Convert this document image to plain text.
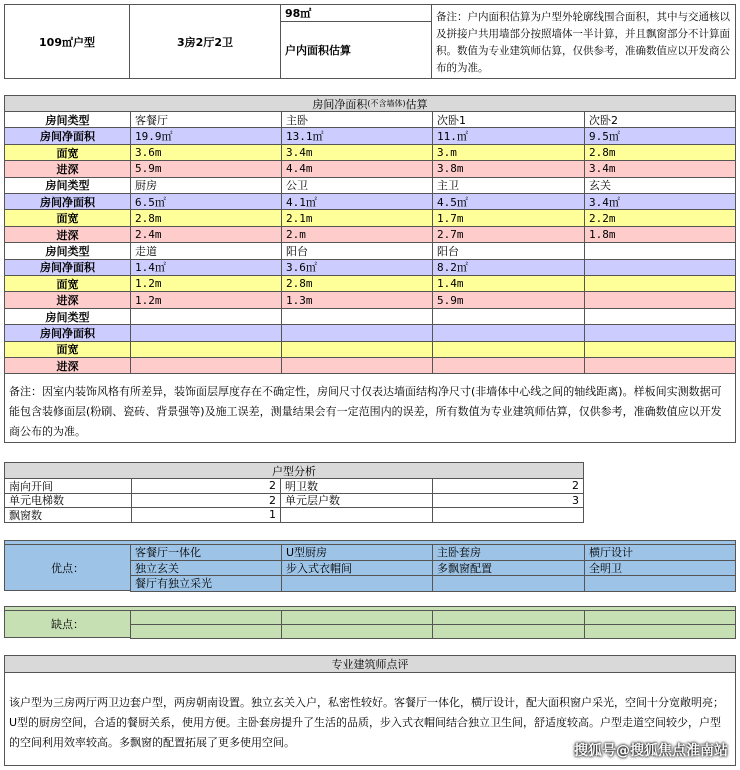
109㎡户型	3房2厅2卫
98㎡
户内面积估算
备注：户内面积估算为户型外轮廓线围合面积，其中与交通核以及拼接户共用墙部分按照墙体一半计算，并且飘窗部分不计算面积。数值为专业建筑师估算，仅供参考，准确数值应以开发商公布的为准。
房间净面积 (不含墙体) 估算
房间类型	客餐厅	主卧	次卧1	次卧2
房间净面积	19.9㎡	13.1㎡	11.㎡	9.5㎡
面宽	3.6m	3.4m	3.m	2.8m
进深	5.9m	4.4m	3.8m	3.4m
房间类型	厨房	公卫	主卫	玄关
房间净面积	6.5㎡	4.1㎡	4.5㎡	3.4㎡
面宽	2.8m	2.1m	1.7m	2.2m
进深	2.4m	2.m	2.7m	1.8m
房间类型	走道	阳台	阳台
房间净面积	1.4㎡	3.6㎡	8.2㎡
面宽	1.2m	2.8m	1.4m
进深	1.2m	1.3m	5.9m
房间类型
房间净面积
面宽
进深
备注：因室内装饰风格有所差异，装饰面层厚度存在不确定性，房间尺寸仅表达墙面结构净尺寸(非墙体中心线之间的轴线距离)。样板间实测数据可能包含装修面层(粉刷、瓷砖、背景强等)及施工误差，测量结果会有一定范围内的误差，所有数值为专业建筑师估算，仅供参考，准确数值应以开发商公布的为准。
户型分析
南向开间	2 明卫数	2
单元电梯数	2 单元层户数	3
飘窗数	1
优点：
客餐厅一体化	U型厨房	主卧套房	横厅设计
独立玄关	步入式衣帽间	多飘窗配置	全明卫
餐厅有独立采光
缺点：
专业建筑师点评
该户型为三房两厅两卫边套户型，两房朝南设置。独立玄关入户，私密性较好。客餐厅一体化，横厅设计，配大面积窗户采光，空间十分宽敞明亮；U型的厨房空间，合适的餐厨关系，使用方便。主卧套房提升了生活的品质，步入式衣帽间结合独立卫生间，舒适度较高。户型走道空间较少，户型的空间利用效率较高。多飘窗的配置拓展了更多使用空间。
搜狐号@搜狐焦点淮南站
